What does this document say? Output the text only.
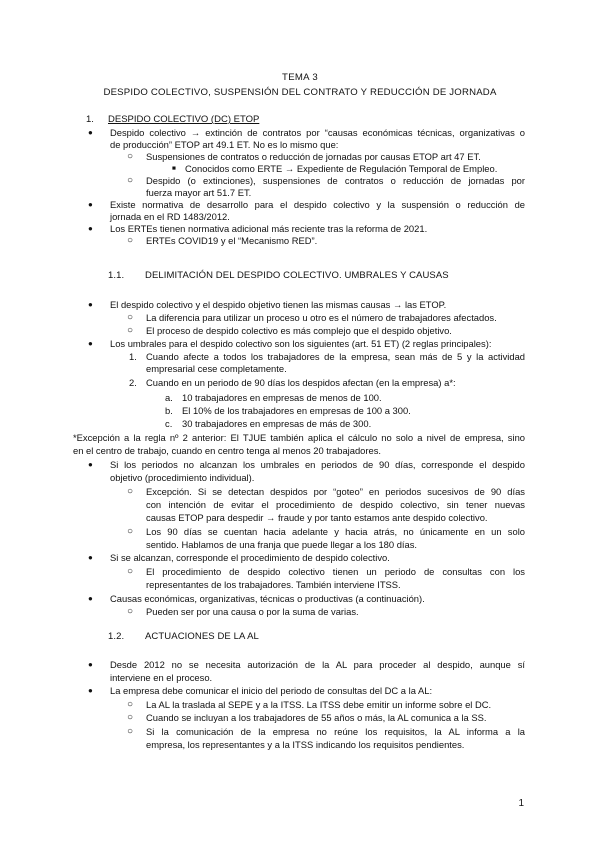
TEMA 3
DESPIDO COLECTIVO, SUSPENSIÓN DEL CONTRATO Y REDUCCIÓN DE JORNADA
1. DESPIDO COLECTIVO (DC) ETOP
● Despido colectivo → extinción de contratos por “causas económicas técnicas, organizativas o
de producción” ETOP art 49.1 ET. No es lo mismo que:
○ Suspensiones de contratos o reducción de jornadas por causas ETOP art 47 ET.
■ Conocidos como ERTE → Expediente de Regulación Temporal de Empleo.
○ Despido (o extinciones), suspensiones de contratos o reducción de jornadas por
fuerza mayor art 51.7 ET.
● Existe normativa de desarrollo para el despido colectivo y la suspensión o reducción de
jornada en el RD 1483/2012.
● Los ERTEs tienen normativa adicional más reciente tras la reforma de 2021.
○ ERTEs COVID19 y el “Mecanismo RED”.
1.1. DELIMITACIÓN DEL DESPIDO COLECTIVO. UMBRALES Y CAUSAS
● El despido colectivo y el despido objetivo tienen las mismas causas → las ETOP.
○ La diferencia para utilizar un proceso u otro es el número de trabajadores afectados.
○ El proceso de despido colectivo es más complejo que el despido objetivo.
● Los umbrales para el despido colectivo son los siguientes (art. 51 ET) (2 reglas principales):
1. Cuando afecte a todos los trabajadores de la empresa, sean más de 5 y la actividad
empresarial cese completamente.
2. Cuando en un periodo de 90 días los despidos afectan (en la empresa) a*:
a. 10 trabajadores en empresas de menos de 100.
b. El 10% de los trabajadores en empresas de 100 a 300.
c. 30 trabajadores en empresas de más de 300.
*Excepción a la regla nº 2 anterior: El TJUE también aplica el cálculo no solo a nivel de empresa, sino
en el centro de trabajo, cuando en centro tenga al menos 20 trabajadores.
● Si los periodos no alcanzan los umbrales en periodos de 90 días, corresponde el despido
objetivo (procedimiento individual).
○ Excepción. Si se detectan despidos por “goteo” en periodos sucesivos de 90 días
con intención de evitar el procedimiento de despido colectivo, sin tener nuevas
causas ETOP para despedir → fraude y por tanto estamos ante despido colectivo.
○ Los 90 días se cuentan hacia adelante y hacia atrás, no únicamente en un solo
sentido. Hablamos de una franja que puede llegar a los 180 días.
● Si se alcanzan, corresponde el procedimiento de despido colectivo.
○ El procedimiento de despido colectivo tienen un periodo de consultas con los
representantes de los trabajadores. También interviene ITSS.
● Causas económicas, organizativas, técnicas o productivas (a continuación).
○ Pueden ser por una causa o por la suma de varias.
1.2. ACTUACIONES DE LA AL
● Desde 2012 no se necesita autorización de la AL para proceder al despido, aunque sí
interviene en el proceso.
● La empresa debe comunicar el inicio del periodo de consultas del DC a la AL:
○ La AL la traslada al SEPE y a la ITSS. La ITSS debe emitir un informe sobre el DC.
○ Cuando se incluyan a los trabajadores de 55 años o más, la AL comunica a la SS.
○ Si la comunicación de la empresa no reúne los requisitos, la AL informa a la
empresa, los representantes y a la ITSS indicando los requisitos pendientes.
1
